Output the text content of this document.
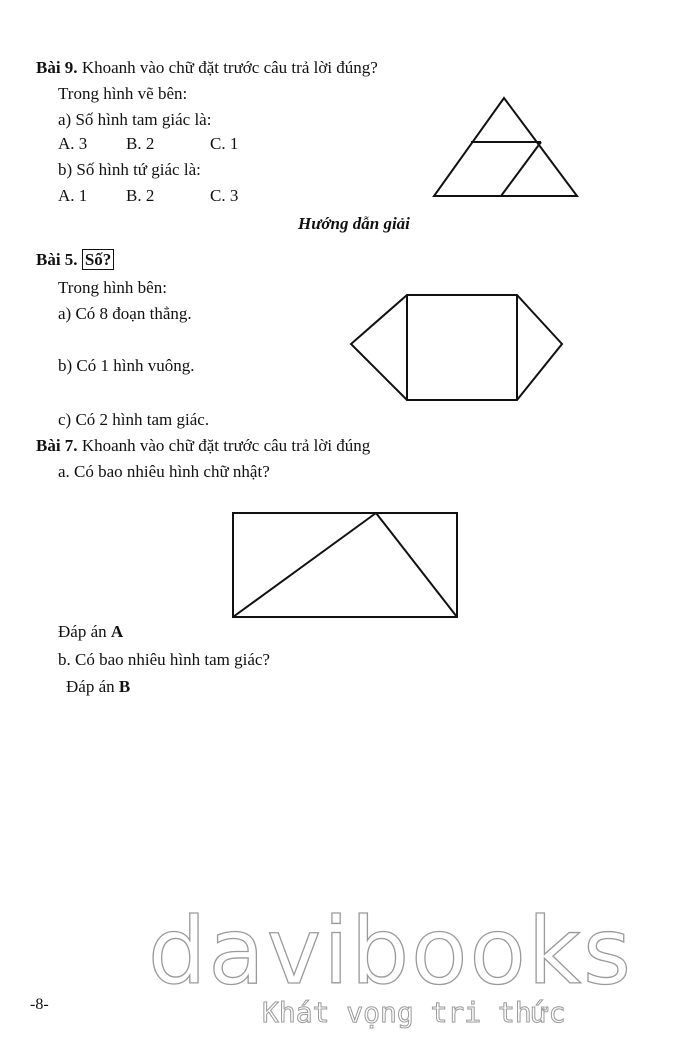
Bài 9. Khoanh vào chữ đặt trước câu trả lời đúng?
Trong hình vẽ bên:
a) Số hình tam giác là:
A. 3 B. 2	C. 1
b) Số hình tứ giác là:
A. 1 B. 2	C. 3
Hướng dẫn giải
Bài 5. Số?
Trong hình bên:
a) Có 8 đoạn thẳng.
b) Có 1 hình vuông.
c) Có 2 hình tam giác.
Bài 7. Khoanh vào chữ đặt trước câu trả lời đúng
a. Có bao nhiêu hình chữ nhật?
Đáp án A
b. Có bao nhiêu hình tam giác?
Đáp án B
-8- davibooks
Khát vọng tri thức
